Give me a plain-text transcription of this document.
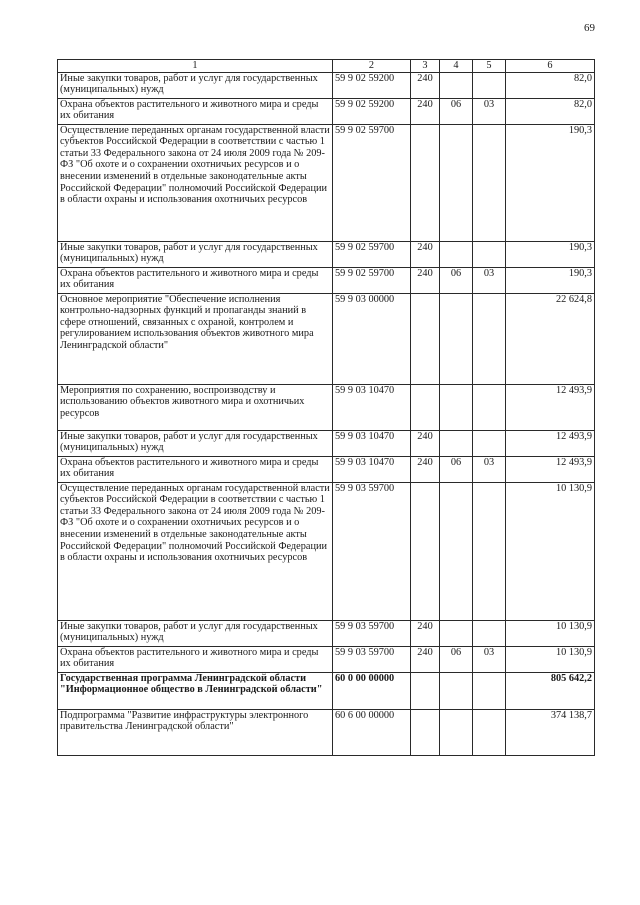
69
1	2	3	4	5	6
Иные закупки товаров, работ и услуг для государственных (муниципальных) нужд	59 9 02 59200	240			82,0
Охрана объектов растительного и животного мира и среды их обитания	59 9 02 59200	240	06	03	82,0
Осуществление переданных органам государственной власти субъектов Российской Федерации в соответствии с частью 1 статьи 33 Федерального закона от 24 июля 2009 года № 209-ФЗ "Об охоте и о сохранении охотничьих ресурсов и о внесении изменений в отдельные законодательные акты Российской Федерации" полномочий Российской Федерации в области охраны и использования охотничьих ресурсов	59 9 02 59700				190,3
Иные закупки товаров, работ и услуг для государственных (муниципальных) нужд	59 9 02 59700	240			190,3
Охрана объектов растительного и животного мира и среды их обитания	59 9 02 59700	240	06	03	190,3
Основное мероприятие "Обеспечение исполнения контрольно-надзорных функций и пропаганды знаний в сфере отношений, связанных с охраной, контролем и регулированием использования объектов животного мира Ленинградской области"	59 9 03 00000				22 624,8
Мероприятия по сохранению, воспроизводству и использованию объектов животного мира и охотничьих ресурсов	59 9 03 10470				12 493,9
Иные закупки товаров, работ и услуг для государственных (муниципальных) нужд	59 9 03 10470	240			12 493,9
Охрана объектов растительного и животного мира и среды их обитания	59 9 03 10470	240	06	03	12 493,9
Осуществление переданных органам государственной власти субъектов Российской Федерации в соответствии с частью 1 статьи 33 Федерального закона от 24 июля 2009 года № 209-ФЗ "Об охоте и о сохранении охотничьих ресурсов и о внесении изменений в отдельные законодательные акты Российской Федерации" полномочий Российской Федерации в области охраны и использования охотничьих ресурсов	59 9 03 59700				10 130,9
Иные закупки товаров, работ и услуг для государственных (муниципальных) нужд	59 9 03 59700	240			10 130,9
Охрана объектов растительного и животного мира и среды их обитания	59 9 03 59700	240	06	03	10 130,9
Государственная программа Ленинградской области "Информационное общество в Ленинградской области"	60 0 00 00000				805 642,2
Подпрограмма "Развитие инфраструктуры электронного правительства Ленинградской области"	60 6 00 00000				374 138,7
